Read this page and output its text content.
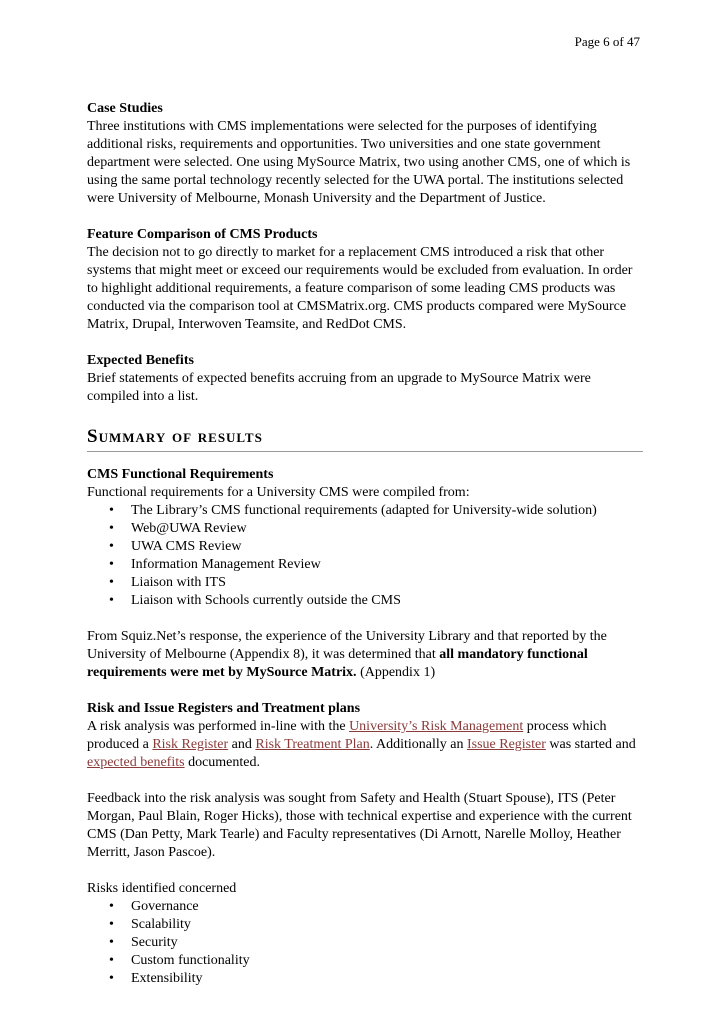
Page 6 of 47
Case Studies
Three institutions with CMS implementations were selected for the purposes of identifying additional risks, requirements and opportunities. Two universities and one state government department were selected. One using MySource Matrix, two using another CMS, one of which is using the same portal technology recently selected for the UWA portal. The institutions selected were University of Melbourne, Monash University and the Department of Justice.
Feature Comparison of CMS Products
The decision not to go directly to market for a replacement CMS introduced a risk that other systems that might meet or exceed our requirements would be excluded from evaluation. In order to highlight additional requirements, a feature comparison of some leading CMS products was conducted via the comparison tool at CMSMatrix.org. CMS products compared were MySource Matrix, Drupal, Interwoven Teamsite, and RedDot CMS.
Expected Benefits
Brief statements of expected benefits accruing from an upgrade to MySource Matrix were compiled into a list.
Summary of results
CMS Functional Requirements
Functional requirements for a University CMS were compiled from:
• The Library’s CMS functional requirements (adapted for University-wide solution)
• Web@UWA Review
• UWA CMS Review
• Information Management Review
• Liaison with ITS
• Liaison with Schools currently outside the CMS
From Squiz.Net’s response, the experience of the University Library and that reported by the University of Melbourne (Appendix 8), it was determined that all mandatory functional requirements were met by MySource Matrix. (Appendix 1)
Risk and Issue Registers and Treatment plans
A risk analysis was performed in-line with the University’s Risk Management process which produced a Risk Register and Risk Treatment Plan. Additionally an Issue Register was started and expected benefits documented.
Feedback into the risk analysis was sought from Safety and Health (Stuart Spouse), ITS (Peter Morgan, Paul Blain, Roger Hicks), those with technical expertise and experience with the current CMS (Dan Petty, Mark Tearle) and Faculty representatives (Di Arnott, Narelle Molloy, Heather Merritt, Jason Pascoe).
Risks identified concerned
• Governance
• Scalability
• Security
• Custom functionality
• Extensibility
